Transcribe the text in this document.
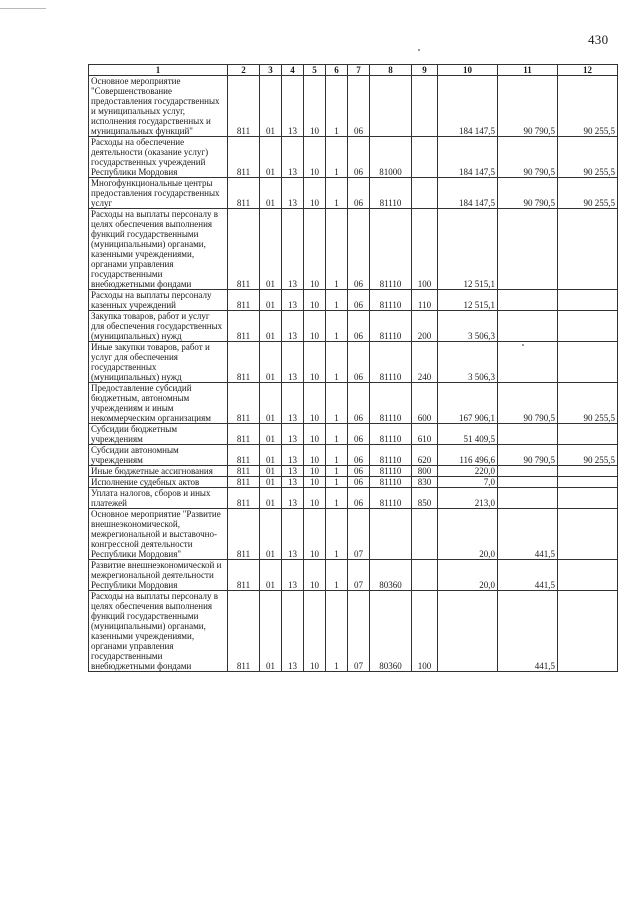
430
1	2	3	4	5	6	7	8	9	10	11	12
Основное мероприятие "Совершенствование предоставления государственных и муниципальных услуг, исполнения государственных и муниципальных функций"	811	01	13	10	1	06			184 147,5	90 790,5	90 255,5
Расходы на обеспечение деятельности (оказание услуг) государственных учреждений Республики Мордовия	811	01	13	10	1	06	81000		184 147,5	90 790,5	90 255,5
Многофункциональные центры предоставления государственных услуг	811	01	13	10	1	06	81110		184 147,5	90 790,5	90 255,5
Расходы на выплаты персоналу в целях обеспечения выполнения функций государственными (муниципальными) органами, казенными учреждениями, органами управления государственными внебюджетными фондами	811	01	13	10	1	06	81110	100	12 515,1		
Расходы на выплаты персоналу казенных учреждений	811	01	13	10	1	06	81110	110	12 515,1		
Закупка товаров, работ и услуг для обеспечения государственных (муниципальных) нужд	811	01	13	10	1	06	81110	200	3 506,3		
Иные закупки товаров, работ и услуг для обеспечения государственных (муниципальных) нужд	811	01	13	10	1	06	81110	240	3 506,3		
Предоставление субсидий бюджетным, автономным учреждениям и иным некоммерческим организациям	811	01	13	10	1	06	81110	600	167 906,1	90 790,5	90 255,5
Субсидии бюджетным учреждениям	811	01	13	10	1	06	81110	610	51 409,5		
Субсидии автономным учреждениям	811	01	13	10	1	06	81110	620	116 496,6	90 790,5	90 255,5
Иные бюджетные ассигнования	811	01	13	10	1	06	81110	800	220,0		
Исполнение судебных актов	811	01	13	10	1	06	81110	830	7,0		
Уплата налогов, сборов и иных платежей	811	01	13	10	1	06	81110	850	213,0		
Основное мероприятие "Развитие внешнеэкономической, межрегиональной и выставочно-конгрессной деятельности Республики Мордовия"	811	01	13	10	1	07			20,0	441,5	
Развитие внешнеэкономической и межрегиональной деятельности Республики Мордовия	811	01	13	10	1	07	80360		20,0	441,5	
Расходы на выплаты персоналу в целях обеспечения выполнения функций государственными (муниципальными) органами, казенными учреждениями, органами управления государственными внебюджетными фондами	811	01	13	10	1	07	80360	100		441,5	
